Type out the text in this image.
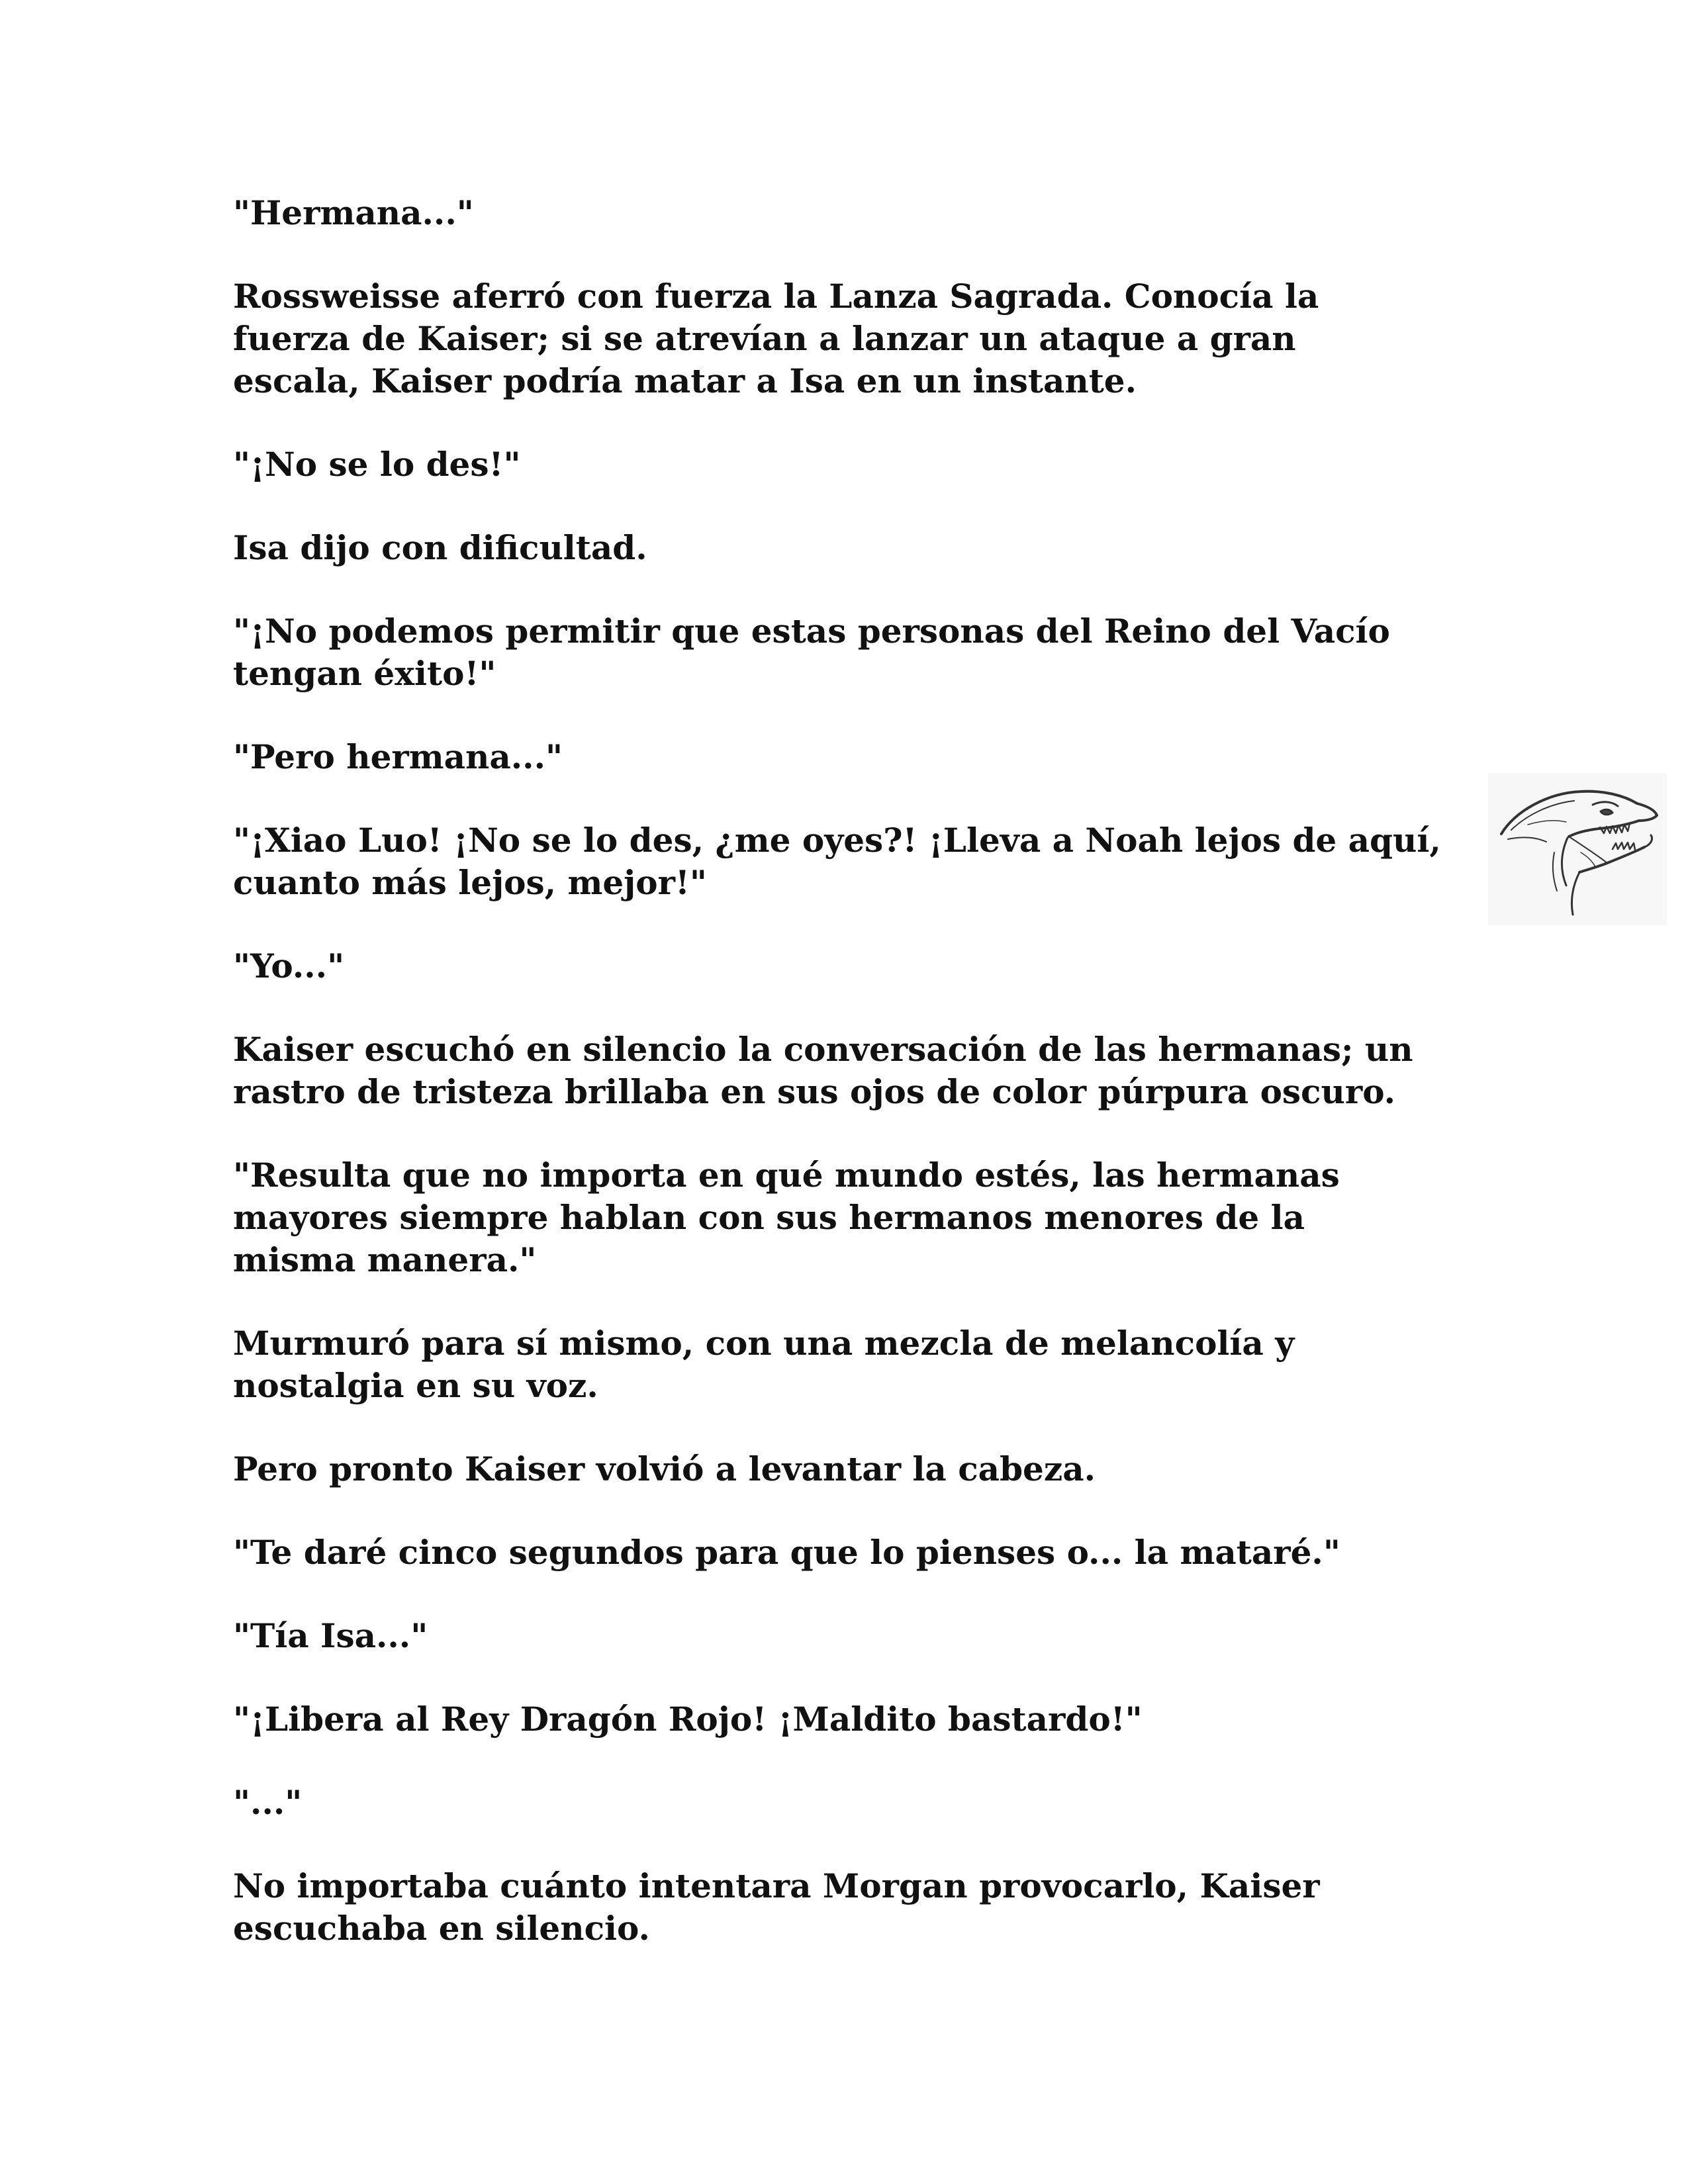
"Hermana..."
Rossweisse aferró con fuerza la Lanza Sagrada. Conocía la
fuerza de Kaiser; si se atrevían a lanzar un ataque a gran
escala, Kaiser podría matar a Isa en un instante.
"¡No se lo des!"
Isa dijo con dificultad.
"¡No podemos permitir que estas personas del Reino del Vacío
tengan éxito!"
"Pero hermana..."
"¡Xiao Luo! ¡No se lo des, ¿me oyes?! ¡Lleva a Noah lejos de aquí,
cuanto más lejos, mejor!"
"Yo..."
Kaiser escuchó en silencio la conversación de las hermanas; un
rastro de tristeza brillaba en sus ojos de color púrpura oscuro.
"Resulta que no importa en qué mundo estés, las hermanas
mayores siempre hablan con sus hermanos menores de la
misma manera."
Murmuró para sí mismo, con una mezcla de melancolía y
nostalgia en su voz.
Pero pronto Kaiser volvió a levantar la cabeza.
"Te daré cinco segundos para que lo pienses o... la mataré."
"Tía Isa..."
"¡Libera al Rey Dragón Rojo! ¡Maldito bastardo!"
"..."
No importaba cuánto intentara Morgan provocarlo, Kaiser
escuchaba en silencio.
